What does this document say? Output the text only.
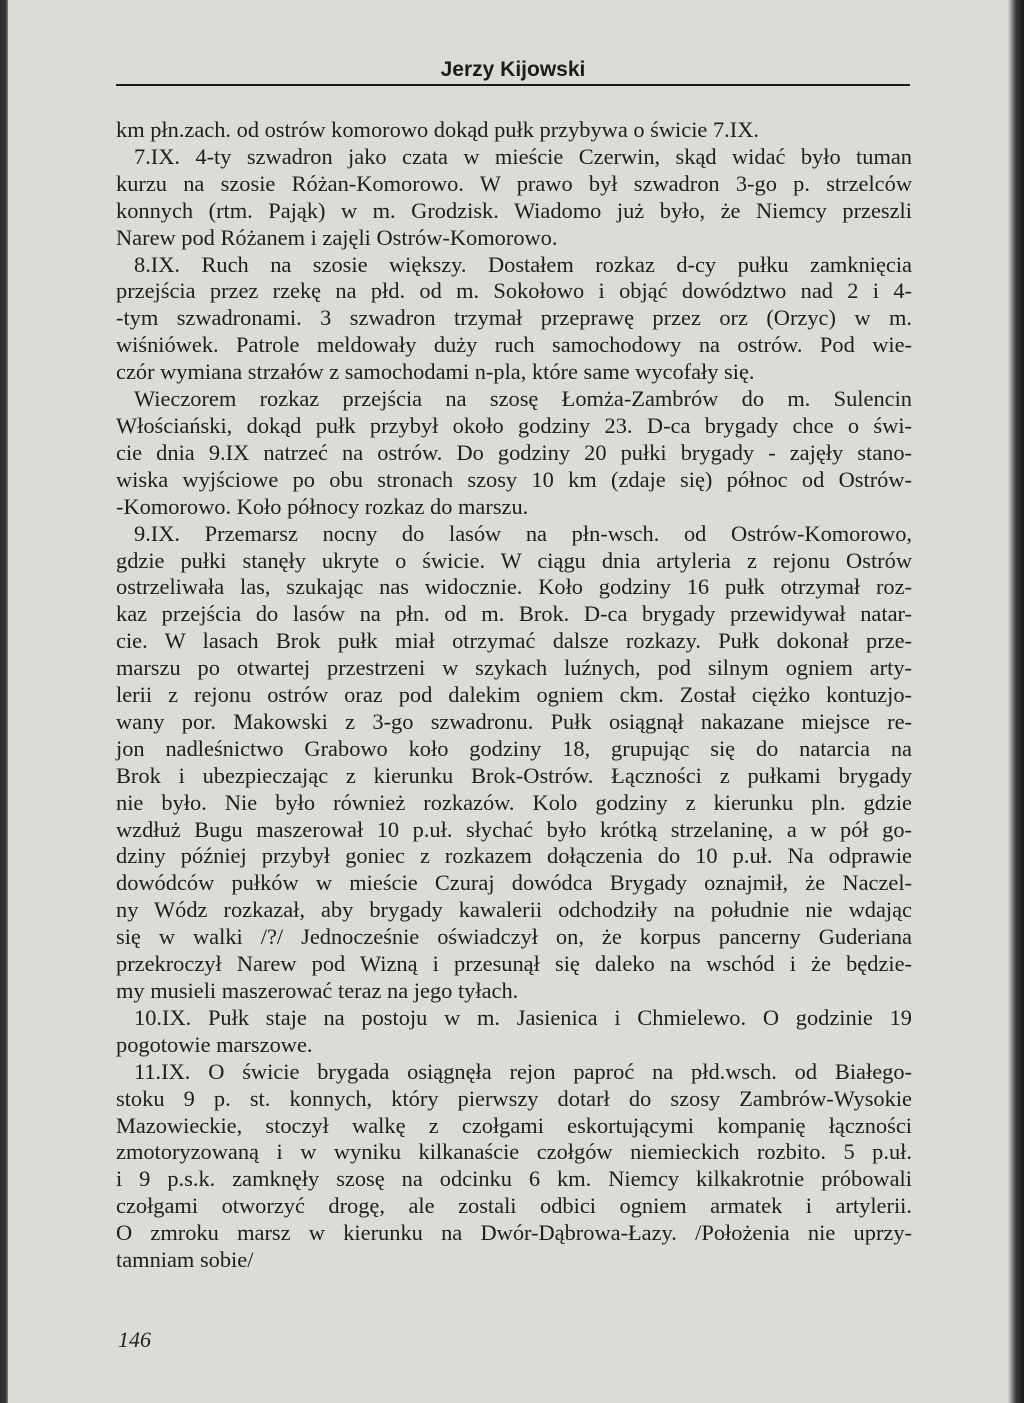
Jerzy Kijowski
km płn.zach. od ostrów komorowo dokąd pułk przybywa o świcie 7.IX.
7.IX. 4-ty szwadron jako czata w mieście Czerwin, skąd widać było tuman
kurzu na szosie Różan-Komorowo. W prawo był szwadron 3-go p. strzelców
konnych (rtm. Pająk) w m. Grodzisk. Wiadomo już było, że Niemcy przeszli
Narew pod Różanem i zajęli Ostrów-Komorowo.
8.IX. Ruch na szosie większy. Dostałem rozkaz d-cy pułku zamknięcia
przejścia przez rzekę na płd. od m. Sokołowo i objąć dowództwo nad 2 i 4-
-tym szwadronami. 3 szwadron trzymał przeprawę przez orz (Orzyc) w m.
wiśniówek. Patrole meldowały duży ruch samochodowy na ostrów. Pod wie-
czór wymiana strzałów z samochodami n-pla, które same wycofały się.
Wieczorem rozkaz przejścia na szosę Łomża-Zambrów do m. Sulencin
Włościański, dokąd pułk przybył około godziny 23. D-ca brygady chce o świ-
cie dnia 9.IX natrzeć na ostrów. Do godziny 20 pułki brygady - zajęły stano-
wiska wyjściowe po obu stronach szosy 10 km (zdaje się) północ od Ostrów-
-Komorowo. Koło północy rozkaz do marszu.
9.IX. Przemarsz nocny do lasów na płn-wsch. od Ostrów-Komorowo,
gdzie pułki stanęły ukryte o świcie. W ciągu dnia artyleria z rejonu Ostrów
ostrzeliwała las, szukając nas widocznie. Koło godziny 16 pułk otrzymał roz-
kaz przejścia do lasów na płn. od m. Brok. D-ca brygady przewidywał natar-
cie. W lasach Brok pułk miał otrzymać dalsze rozkazy. Pułk dokonał prze-
marszu po otwartej przestrzeni w szykach luźnych, pod silnym ogniem arty-
lerii z rejonu ostrów oraz pod dalekim ogniem ckm. Został ciężko kontuzjo-
wany por. Makowski z 3-go szwadronu. Pułk osiągnął nakazane miejsce re-
jon nadleśnictwo Grabowo koło godziny 18, grupując się do natarcia na
Brok i ubezpieczając z kierunku Brok-Ostrów. Łączności z pułkami brygady
nie było. Nie było również rozkazów. Kolo godziny z kierunku pln. gdzie
wzdłuż Bugu maszerował 10 p.uł. słychać było krótką strzelaninę, a w pół go-
dziny później przybył goniec z rozkazem dołączenia do 10 p.uł. Na odprawie
dowódców pułków w mieście Czuraj dowódca Brygady oznajmił, że Naczel-
ny Wódz rozkazał, aby brygady kawalerii odchodziły na południe nie wdając
się w walki /?/ Jednocześnie oświadczył on, że korpus pancerny Guderiana
przekroczył Narew pod Wizną i przesunął się daleko na wschód i że będzie-
my musieli maszerować teraz na jego tyłach.
10.IX. Pułk staje na postoju w m. Jasienica i Chmielewo. O godzinie 19
pogotowie marszowe.
11.IX. O świcie brygada osiągnęła rejon paproć na płd.wsch. od Białego-
stoku 9 p. st. konnych, który pierwszy dotarł do szosy Zambrów-Wysokie
Mazowieckie, stoczył walkę z czołgami eskortującymi kompanię łączności
zmotoryzowaną i w wyniku kilkanaście czołgów niemieckich rozbito. 5 p.uł.
i 9 p.s.k. zamknęły szosę na odcinku 6 km. Niemcy kilkakrotnie próbowali
czołgami otworzyć drogę, ale zostali odbici ogniem armatek i artylerii.
O zmroku marsz w kierunku na Dwór-Dąbrowa-Łazy. /Położenia nie uprzy-
tamniam sobie/
146
